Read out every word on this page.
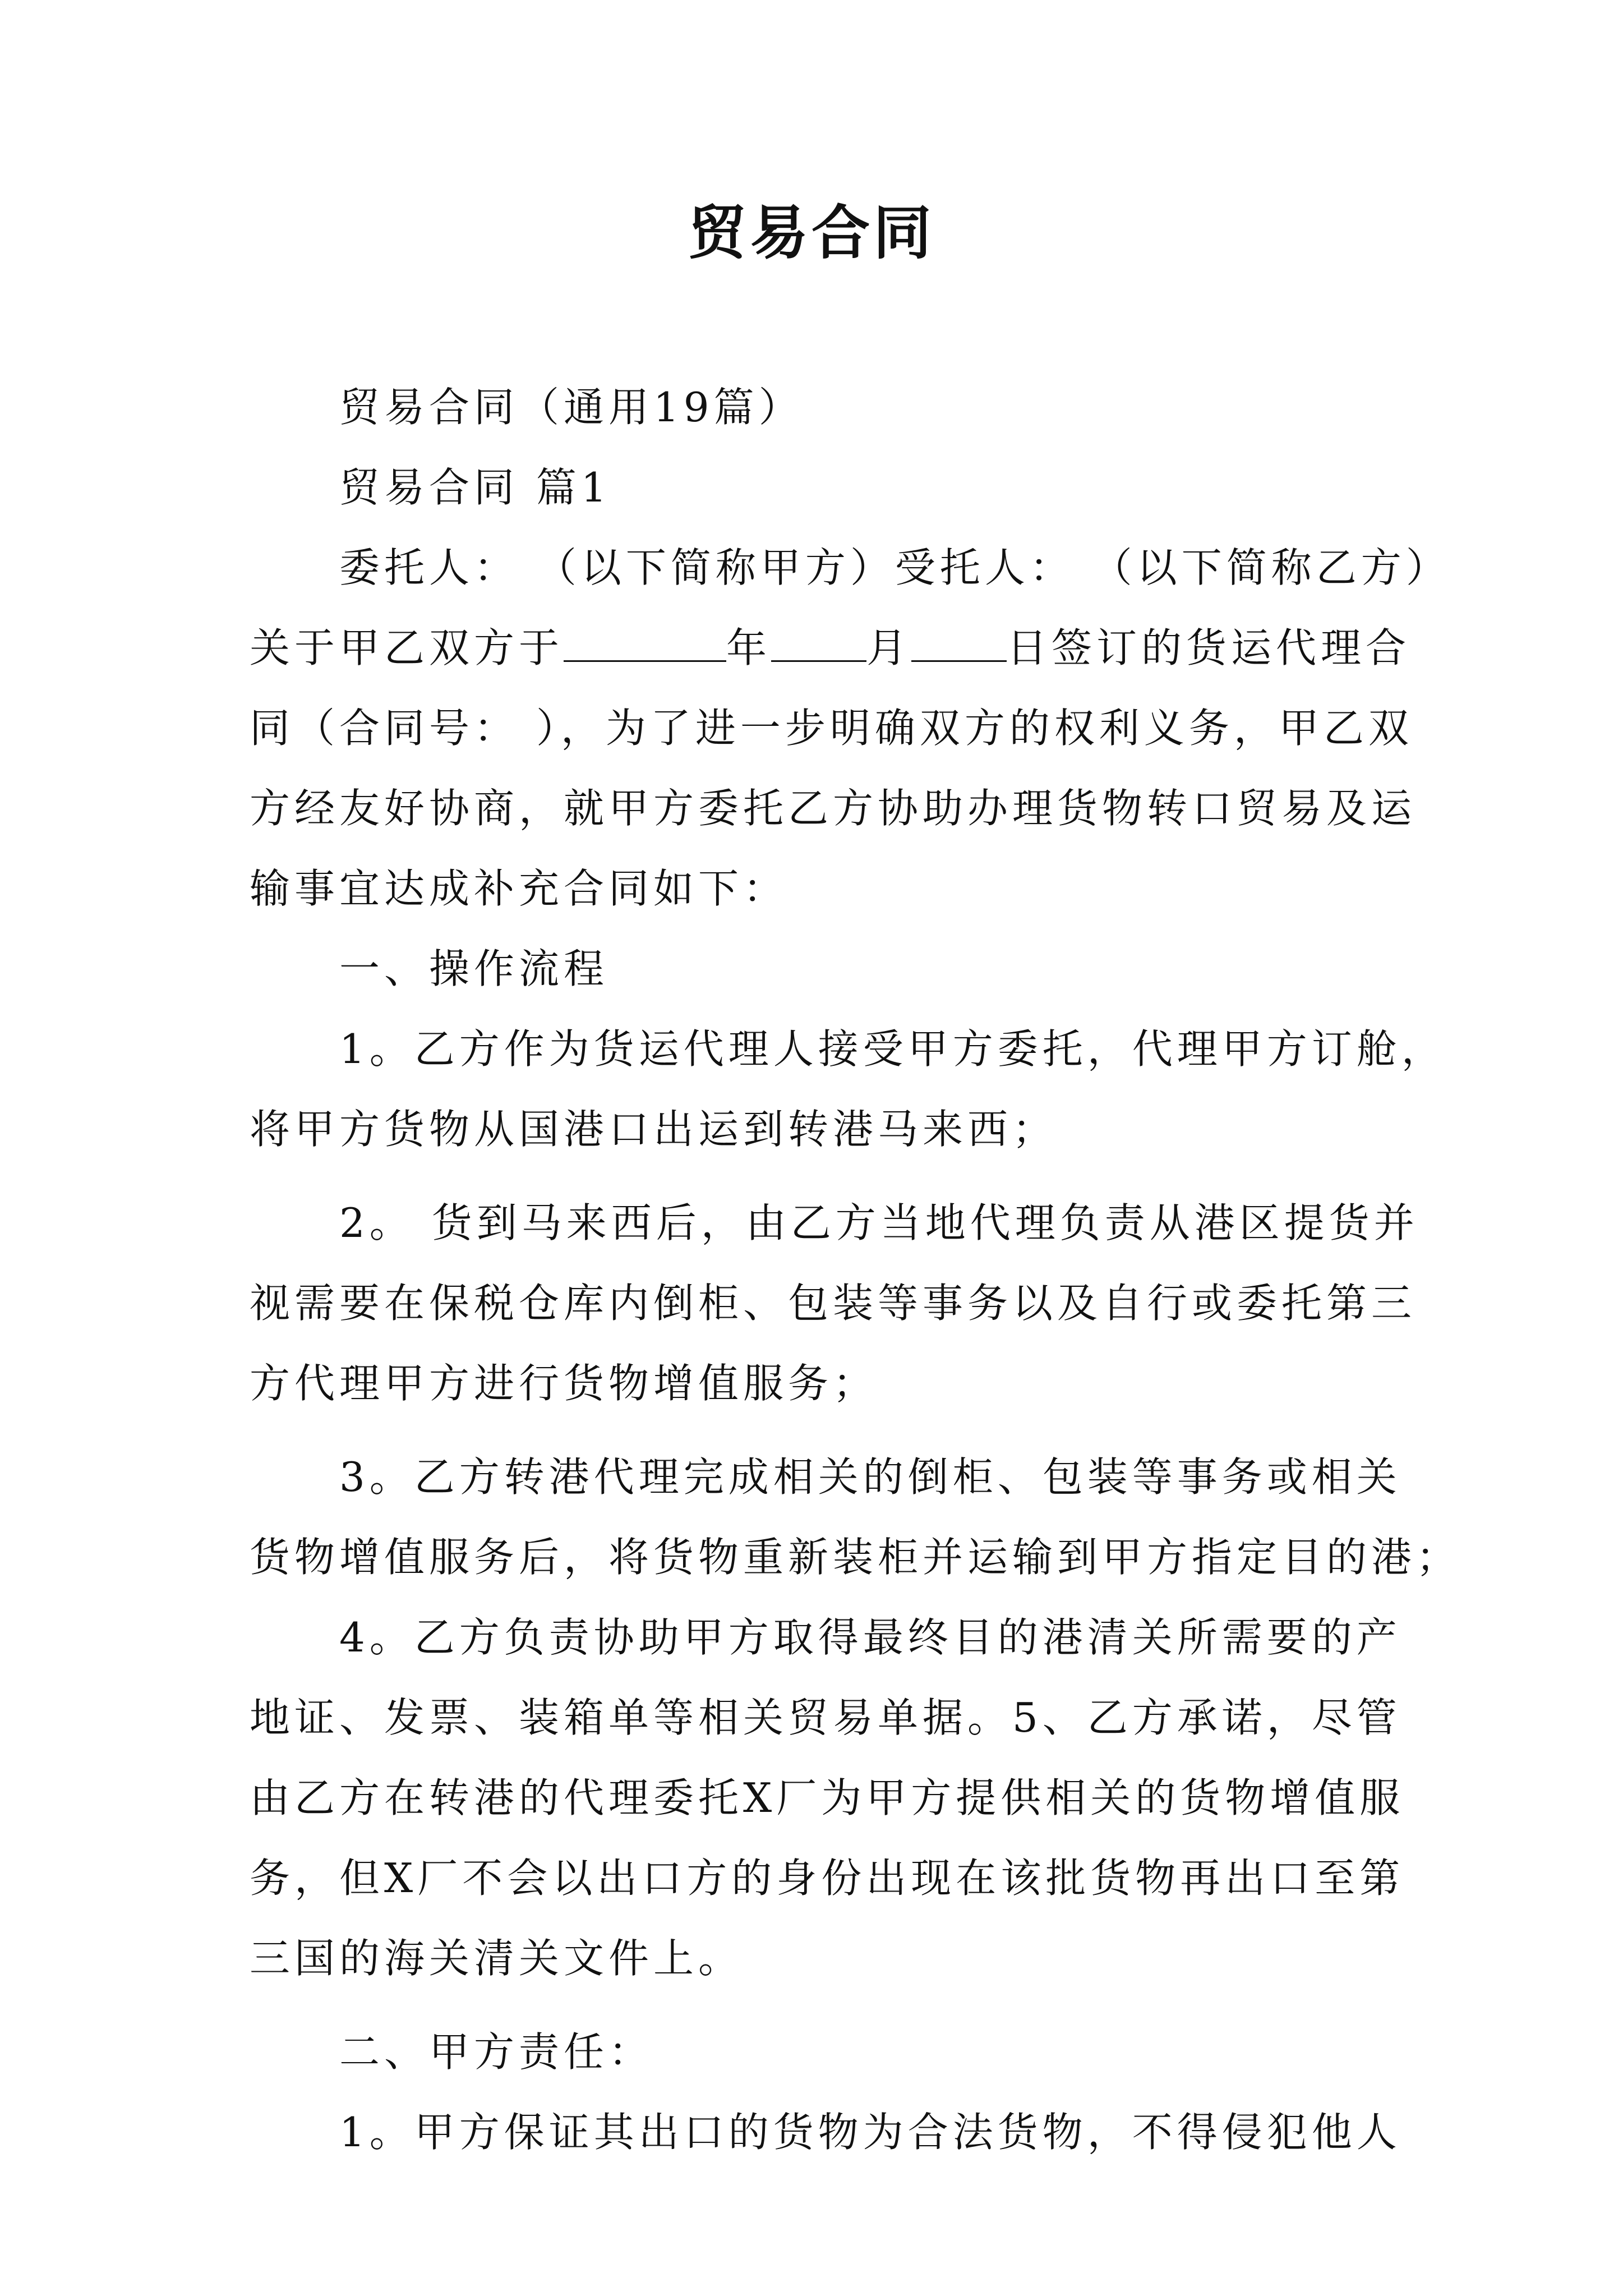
贸易合同
贸易合同（通用19篇）
贸易合同 篇1
委托人： （以下简称甲方）受托人： （以下简称乙方）
关于甲乙双方于	年 月 日签订的货运代理合
同（合同号： ），为了进一步明确双方的权利义务，甲乙双
方经友好协商，就甲方委托乙方协助办理货物转口贸易及运
输事宜达成补充合同如下：
一、操作流程
1。乙方作为货运代理人接受甲方委托，代理甲方订舱，
将甲方货物从国港口出运到转港马来西；
2。 货到马来西后，由乙方当地代理负责从港区提货并
视需要在保税仓库内倒柜、包装等事务以及自行或委托第三
方代理甲方进行货物增值服务；
3。乙方转港代理完成相关的倒柜、包装等事务或相关
货物增值服务后，将货物重新装柜并运输到甲方指定目的港；
4。乙方负责协助甲方取得最终目的港清关所需要的产
地证、发票、装箱单等相关贸易单据。5、乙方承诺，尽管
由乙方在转港的代理委托X厂为甲方提供相关的货物增值服
务，但X厂不会以出口方的身份出现在该批货物再出口至第
三国的海关清关文件上。
二、甲方责任：
1。甲方保证其出口的货物为合法货物，不得侵犯他人
